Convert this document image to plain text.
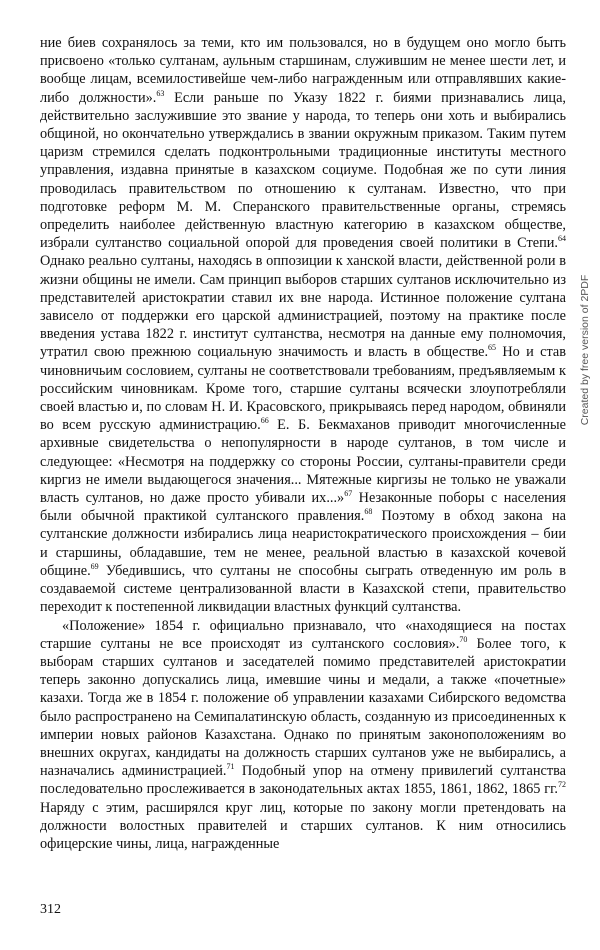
ние биев сохранялось за теми, кто им пользовался, но в будущем оно могло быть присвоено «только султанам, аульным старшинам, служившим не менее шести лет, и вообще лицам, всемилостивейше чем-либо награжденным или отправлявших какие-либо должности».$^{63}$ Если раньше по Указу 1822 г. биями признавались лица, действительно заслужившие это звание у народа, то теперь они хоть и выбирались общиной, но окончательно утверждались в звании окружным приказом. Таким путем царизм стремился сделать подконтрольными традиционные институты местного управления, издавна принятые в казахском социуме. Подобная же по сути линия проводилась правительством по отношению к султанам. Известно, что при подготовке реформ М. М. Сперанского правительственные органы, стремясь определить наиболее действенную властную категорию в казахском обществе, избрали султанство социальной опорой для проведения своей политики в Степи.$^{64}$ Однако реально султаны, находясь в оппозиции к ханской власти, действенной роли в жизни общины не имели. Сам принцип выборов старших султанов исключительно из представителей аристократии ставил их вне народа. Истинное положение султана зависело от поддержки его царской администрацией, поэтому на практике после введения устава 1822 г. институт султанства, несмотря на данные ему полномочия, утратил свою прежнюю социальную значимость и власть в обществе.$^{65}$ Но и став чиновничьим сословием, султаны не соответствовали требованиям, предъявляемым к российским чиновникам. Кроме того, старшие султаны всячески злоупотребляли своей властью и, по словам Н. И. Красовского, прикрываясь перед народом, обвиняли во всем русскую администрацию.$^{66}$ Е. Б. Бекмаханов приводит многочисленные архивные свидетельства о непопулярности в народе султанов, в том числе и следующее: «Несмотря на поддержку со стороны России, султаны-правители среди киргиз не имели выдающегося значения... Мятежные киргизы не только не уважали власть султанов, но даже просто убивали их...»$^{67}$ Незаконные поборы с населения были обычной практикой султанского правления.$^{68}$ Поэтому в обход закона на султанские должности избирались лица неаристократического происхождения – бии и старшины, обладавшие, тем не менее, реальной властью в казахской кочевой общине.$^{69}$ Убедившись, что султаны не способны сыграть отведенную им роль в создаваемой системе централизованной власти в Казахской степи, правительство переходит к постепенной ликвидации властных функций султанства.

«Положение» 1854 г. официально признавало, что «находящиеся на постах старшие султаны не все происходят из султанского сословия».$^{70}$ Более того, к выборам старших султанов и заседателей помимо представителей аристократии теперь законно допускались лица, имевшие чины и медали, а также «почетные» казахи. Тогда же в 1854 г. положение об управлении казахами Сибирского ведомства было распространено на Семипалатинскую область, созданную из присоединенных к империи новых районов Казахстана. Однако по принятым законоположениям во внешних округах, кандидаты на должность старших султанов уже не выбирались, а назначались администрацией.$^{71}$ Подобный упор на отмену привилегий султанства последовательно прослеживается в законодательных актах 1855, 1861, 1862, 1865 гг.$^{72}$ Наряду с этим, расширялся круг лиц, которые по закону могли претендовать на должности волостных правителей и старших султанов. К ним относились офицерские чины, лица, награжденные

312
Created by free version of 2PDF
